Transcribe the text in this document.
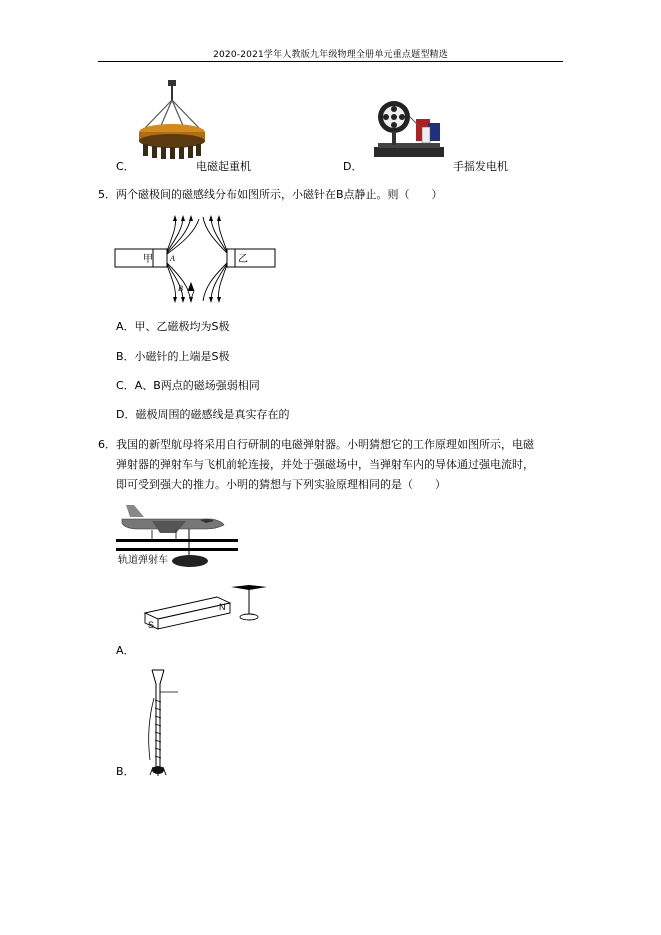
2020-2021学年人教版九年级物理全册单元重点题型精选
C．	电磁起重机	D．	手摇发电机
5．两个磁极间的磁感线分布如图所示，小磁针在B点静止。则（　　）
甲	乙
A
B
A．甲、乙磁极均为S极
B．小磁针的上端是S极
C．A、B两点的磁场强弱相同
D．磁极周围的磁感线是真实存在的
6．我国的新型航母将采用自行研制的电磁弹射器。小明猜想它的工作原理如图所示，电磁
弹射器的弹射车与飞机前轮连接，并处于强磁场中，当弹射车内的导体通过强电流时，
即可受到强大的推力。小明的猜想与下列实验原理相同的是（　　）
轨道弹射车
S
N
A．
B．
